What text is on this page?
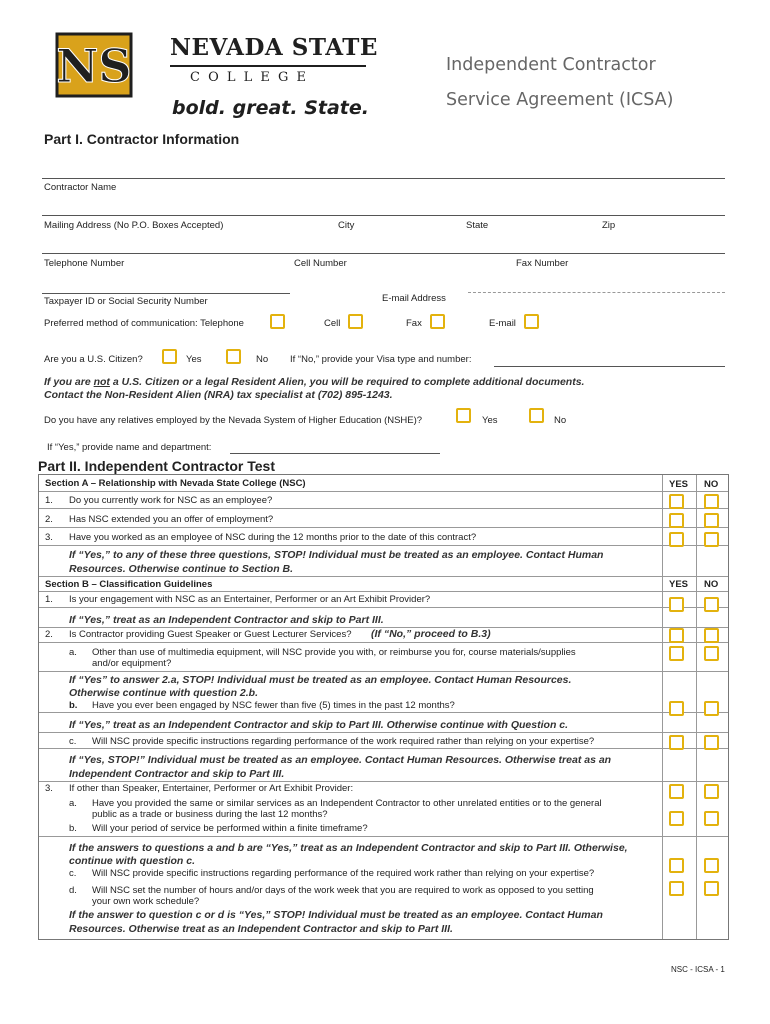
NS NEVADA STATE
C O L L E G E
bold. great. State.
Independent Contractor
Service Agreement (ICSA)
Part I. Contractor Information
Contractor Name
Mailing Address (No P.O. Boxes Accepted)	City	State	Zip
Telephone Number	Cell Number	Fax Number
E-mail Address
Taxpayer ID or Social Security Number
Preferred method of communication: Telephone	Cell	Fax	E-mail
Are you a U.S. Citizen?	Yes	No If “No,” provide your Visa type and number:
If you are not a U.S. Citizen or a legal Resident Alien, you will be required to complete additional documents.
Contact the Non-Resident Alien (NRA) tax specialist at (702) 895-1243.
Do you have any relatives employed by the Nevada System of Higher Education (NSHE)?	Yes	No
If “Yes,” provide name and department:
Part II. Independent Contractor Test
Section A – Relationship with Nevada State College (NSC)	YES NO
1. Do you currently work for NSC as an employee?
2. Has NSC extended you an offer of employment?
3. Have you worked as an employee of NSC during the 12 months prior to the date of this contract?
If “Yes,” to any of these three questions, STOP! Individual must be treated as an employee. Contact Human
Resources. Otherwise continue to Section B.
Section B – Classification Guidelines	YES NO
1. Is your engagement with NSC as an Entertainer, Performer or an Art Exhibit Provider?
If “Yes,” treat as an Independent Contractor and skip to Part III.
2. Is Contractor providing Guest Speaker or Guest Lecturer Services? (If “No,” proceed to B.3)
a. Other than use of multimedia equipment, will NSC provide you with, or reimburse you for, course materials/supplies
and/or equipment?
If “Yes” to answer 2.a, STOP! Individual must be treated as an employee. Contact Human Resources.
Otherwise continue with question 2.b.
b. Have you ever been engaged by NSC fewer than five (5) times in the past 12 months?
If “Yes,” treat as an Independent Contractor and skip to Part III. Otherwise continue with Question c.
c. Will NSC provide specific instructions regarding performance of the work required rather than relying on your expertise?
If “Yes, STOP!” Individual must be treated as an employee. Contact Human Resources. Otherwise treat as an
Independent Contractor and skip to Part III.
3. If other than Speaker, Entertainer, Performer or Art Exhibit Provider:
a. Have you provided the same or similar services as an Independent Contractor to other unrelated entities or to the general
public as a trade or business during the last 12 months?
b. Will your period of service be performed within a finite timeframe?
If the answers to questions a and b are “Yes,” treat as an Independent Contractor and skip to Part III. Otherwise,
continue with question c.
c. Will NSC provide specific instructions regarding performance of the required work rather than relying on your expertise?
d. Will NSC set the number of hours and/or days of the work week that you are required to work as opposed to you setting
your own work schedule?
If the answer to question c or d is “Yes,” STOP! Individual must be treated as an employee. Contact Human
Resources. Otherwise treat as an Independent Contractor and skip to Part III.
NSC - ICSA - 1
